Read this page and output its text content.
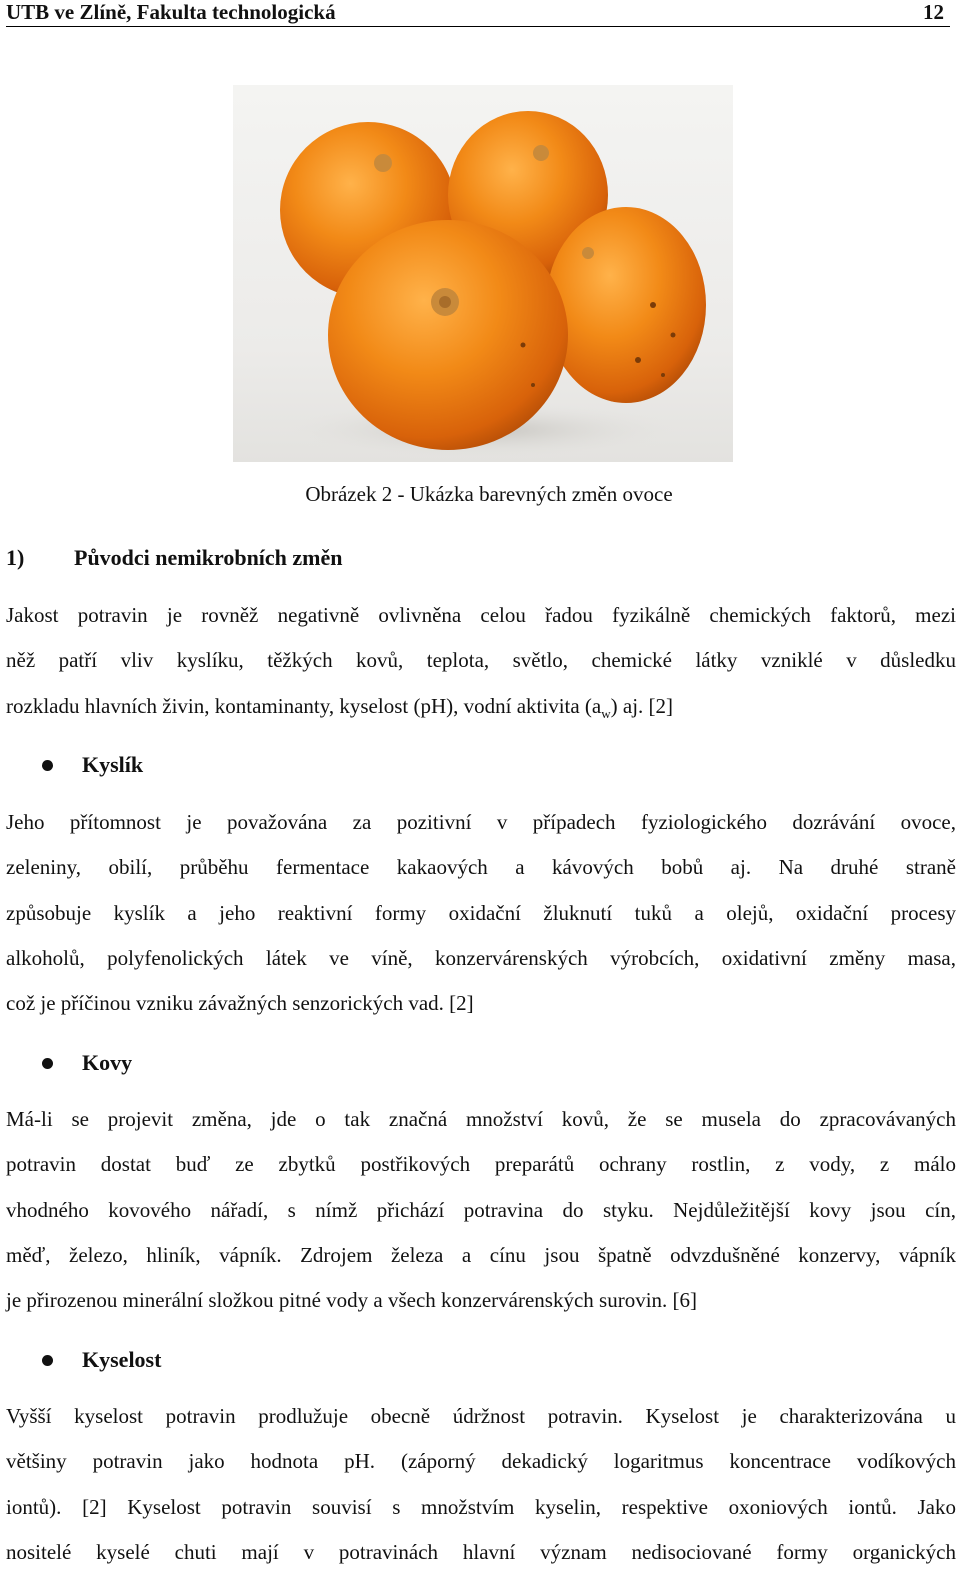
UTB ve Zlíně, Fakulta technologická	12
Obrázek 2 - Ukázka barevných změn ovoce
1) Původci nemikrobních změn
Jakost potravin je rovněž negativně ovlivněna celou řadou fyzikálně chemických faktorů, mezi
něž patří vliv kyslíku, těžkých kovů, teplota, světlo, chemické látky vzniklé v důsledku
rozkladu hlavních živin, kontaminanty, kyselost (pH), vodní aktivita $(a_w)$ aj. [2]
Kyslík
Jeho přítomnost je považována za pozitivní v případech fyziologického dozrávání ovoce,
zeleniny, obilí, průběhu fermentace kakaových a kávových bobů aj. Na druhé straně
způsobuje kyslík a jeho reaktivní formy oxidační žluknutí tuků a olejů, oxidační procesy
alkoholů, polyfenolických látek ve víně, konzervárenských výrobcích, oxidativní změny masa,
což je příčinou vzniku závažných senzorických vad. [2]
Kovy
Má-li se projevit změna, jde o tak značná množství kovů, že se musela do zpracovávaných
potravin dostat buď ze zbytků postřikových preparátů ochrany rostlin, z vody, z málo
vhodného kovového nářadí, s nímž přichází potravina do styku. Nejdůležitější kovy jsou cín,
měď, železo, hliník, vápník. Zdrojem železa a cínu jsou špatně odvzdušněné konzervy, vápník
je přirozenou minerální složkou pitné vody a všech konzervárenských surovin. [6]
Kyselost
Vyšší kyselost potravin prodlužuje obecně údržnost potravin. Kyselost je charakterizována u
většiny potravin jako hodnota pH. (záporný dekadický logaritmus koncentrace vodíkových
iontů). [2] Kyselost potravin souvisí s množstvím kyselin, respektive oxoniových iontů. Jako
nositelé kyselé chuti mají v potravinách hlavní význam nedisociované formy organických
